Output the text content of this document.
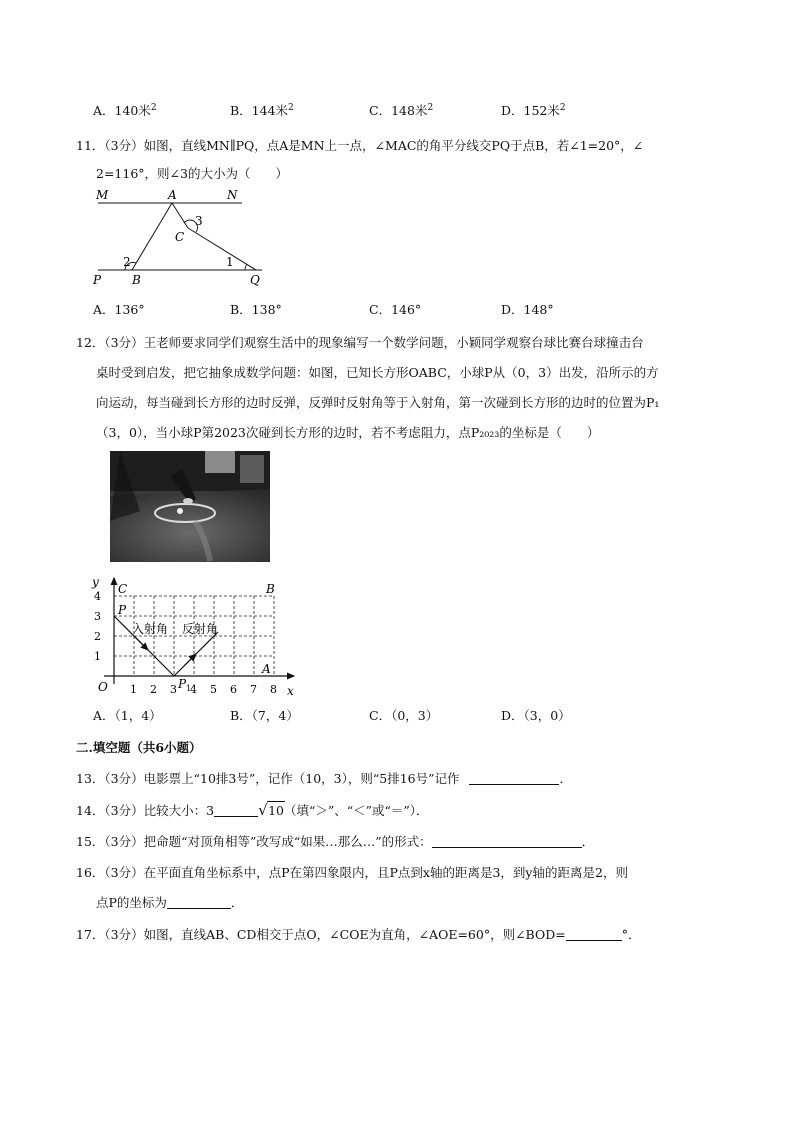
A．140米$^2$	B．144米$^2$	C．148米$^2$	D．152米$^2$
11．（3分）如图，直线MN∥PQ，点A是MN上一点，∠MAC的角平分线交PQ于点B，若∠1=20°，∠
2=116°，则∠3的大小为（　　）
M	A	N
3
C
2	1
P	B	Q
A．136°	B．138°	C．146°	D．148°
12．（3分）王老师要求同学们观察生活中的现象编写一个数学问题，小颖同学观察台球比赛台球撞击台
桌时受到启发，把它抽象成数学问题：如图，已知长方形OABC，小球P从（0，3）出发，沿所示的方
向运动，每当碰到长方形的边时反弹，反弹时反射角等于入射角，第一次碰到长方形的边时的位置为P₁
（3，0），当小球P第2023次碰到长方形的边时，若不考虑阻力，点P₂₀₂₃的坐标是（　　）
y
x
O
C	B
A
P
$P_1$
入射角 反射角
4
3
2
1
1 2 3 4 5 6 7 8
A．（1，4）	B．（7，4）	C．（0，3）	D．（3，0）
二.填空题（共6小题）
13．（3分）电影票上“10排3号”，记作（10，3），则“5排16号”记作	．
14．（3分）比较大小：3	√ 10（填“＞”、“＜”或“＝”）．
15．（3分）把命题“对顶角相等”改写成“如果…那么…”的形式：	．
16．（3分）在平面直角坐标系中，点P在第四象限内，且P点到x轴的距离是3，到y轴的距离是2，则
点P的坐标为	．
17．（3分）如图，直线AB、CD相交于点O，∠COE为直角，∠AOE=60°，则∠BOD=	°．
